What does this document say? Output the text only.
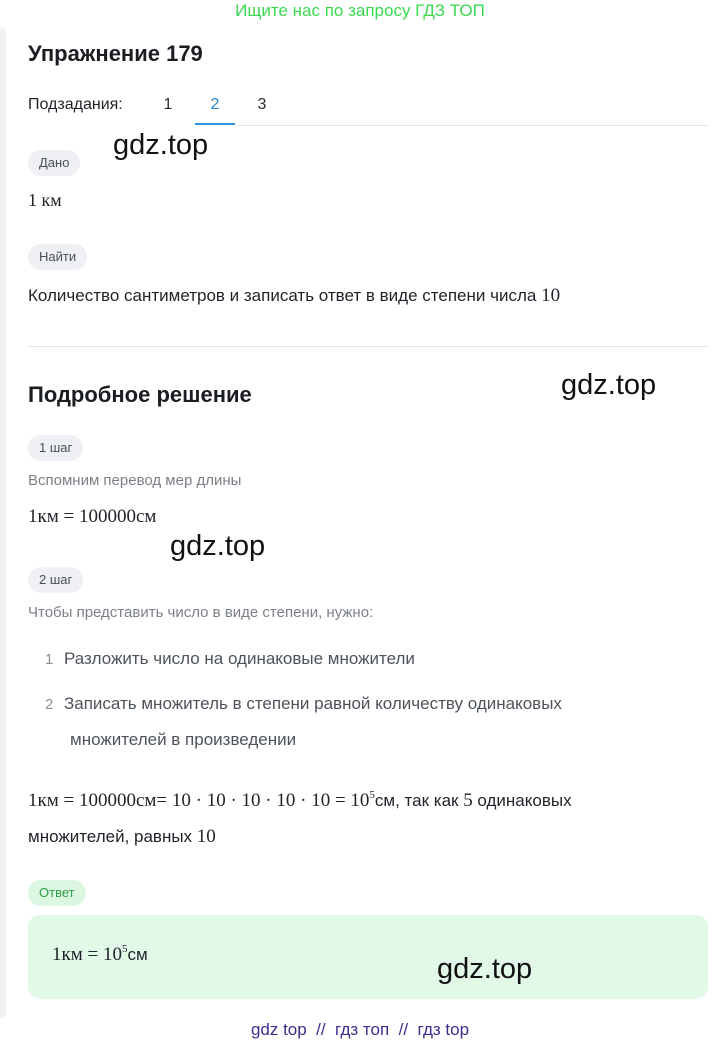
Ищите нас по запросу ГДЗ ТОП
Упражнение 179
Подзадания:	1	2	3
Дано
gdz.top
1 км
Найти
Количество сантиметров и записать ответ в виде степени числа 10
Подробное решение	gdz.top
1 шаг
Вспомним перевод мер длины
1км = 100000см
gdz.top
2 шаг
Чтобы представить число в виде степени, нужно:
1 Разложить число на одинаковые множители
2 Записать множитель в степени равной количеству одинаковых
множителей в произведении
$1км = 100000см= 10 \cdot 10 \cdot 10 \cdot 10 \cdot 10 = 10^5см$, так как 5 одинаковых
множителей, равных 10
Ответ
$1км = 10^5см$	gdz.top
gdz top  //  гдз топ  //  гдз top
